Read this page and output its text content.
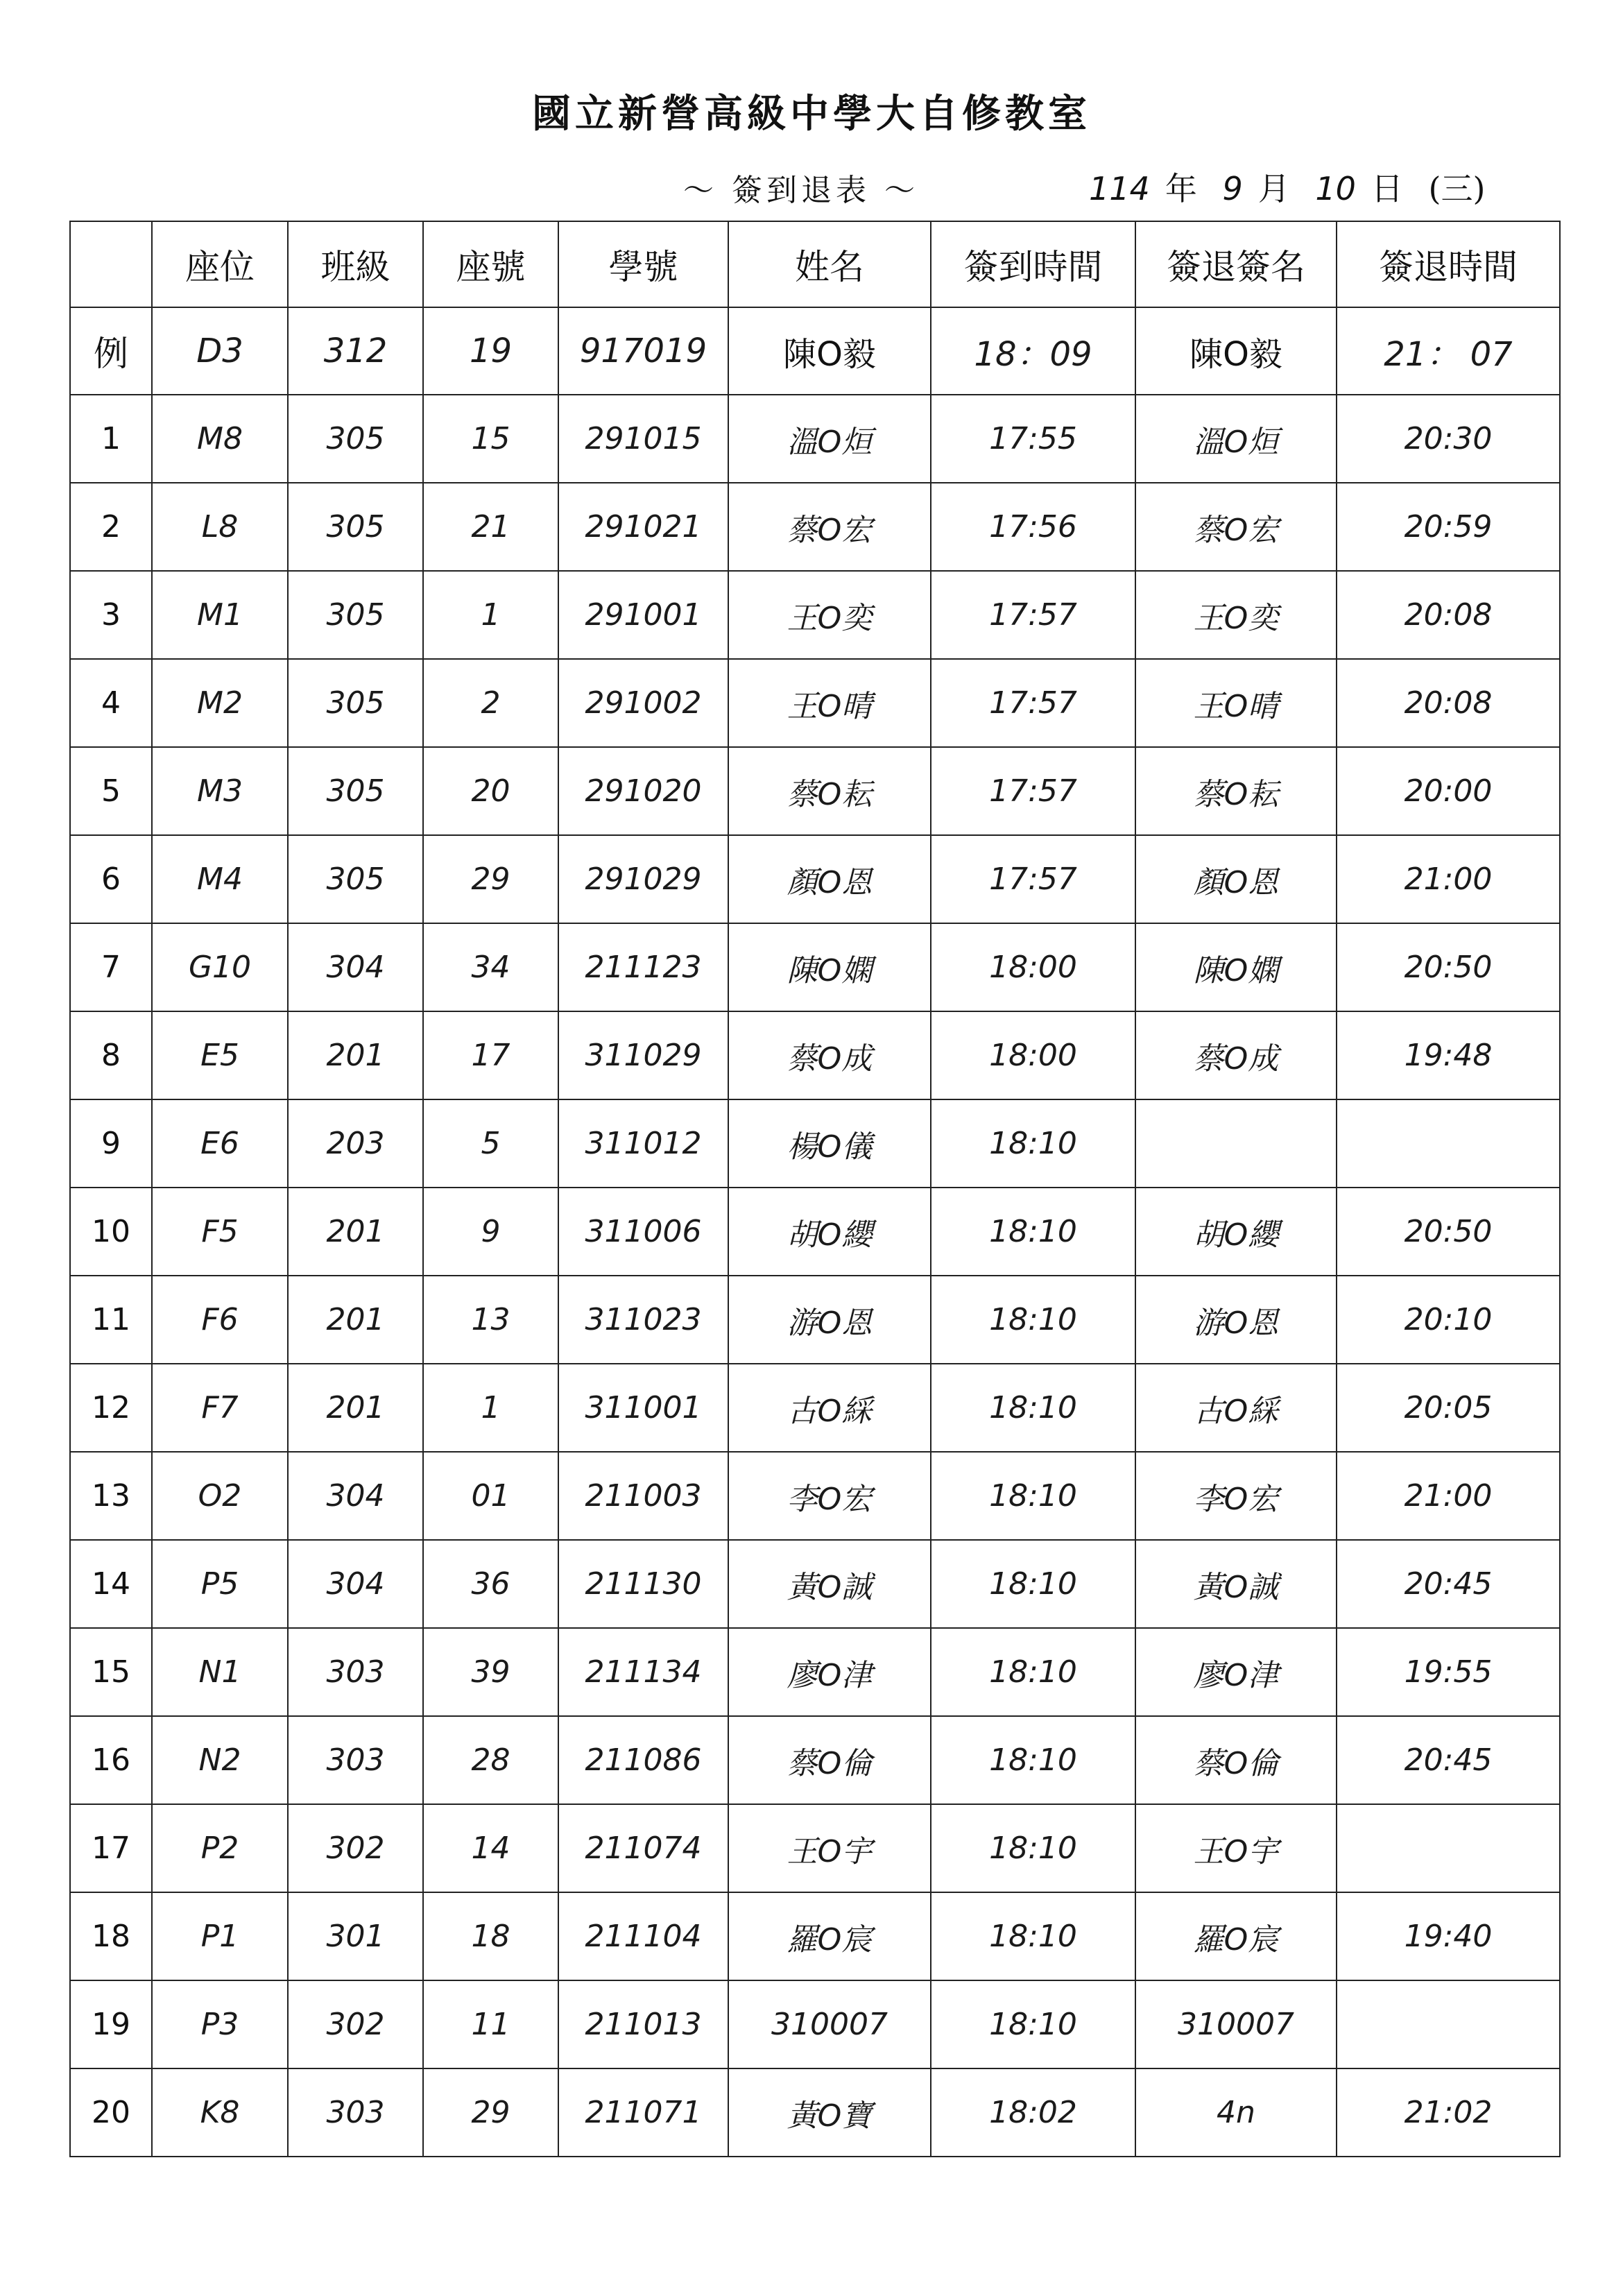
國立新營高級中學大自修教室
〜 簽到退表 〜	114 年 9 月 10 日 (三)
	座位	班級	座號	學號	姓名	簽到時間	簽退簽名	簽退時間
例	D3	312	19	917019	陳O毅	18：09	陳O毅	21： 07
1	M8	305	15	291015	溫O烜	17:55	溫O烜	20:30
2	L8	305	21	291021	蔡O宏	17:56	蔡O宏	20:59
3	M1	305	1	291001	王O奕	17:57	王O奕	20:08
4	M2	305	2	291002	王O晴	17:57	王O晴	20:08
5	M3	305	20	291020	蔡O耘	17:57	蔡O耘	20:00
6	M4	305	29	291029	顏O恩	17:57	顏O恩	21:00
7	G10	304	34	211123	陳O嫻	18:00	陳O嫻	20:50
8	E5	201	17	311029	蔡O成	18:00	蔡O成	19:48
9	E6	203	5	311012	楊O儀	18:10		
10	F5	201	9	311006	胡O纓	18:10	胡O纓	20:50
11	F6	201	13	311023	游O恩	18:10	游O恩	20:10
12	F7	201	1	311001	古O綵	18:10	古O綵	20:05
13	O2	304	01	211003	李O宏	18:10	李O宏	21:00
14	P5	304	36	211130	黃O誠	18:10	黃O誠	20:45
15	N1	303	39	211134	廖O津	18:10	廖O津	19:55
16	N2	303	28	211086	蔡O倫	18:10	蔡O倫	20:45
17	P2	302	14	211074	王O宇	18:10	王O宇	
18	P1	301	18	211104	羅O宸	18:10	羅O宸	19:40
19	P3	302	11	211013	310007	18:10	310007	
20	K8	303	29	211071	黃O寶	18:02	4n	21:02
